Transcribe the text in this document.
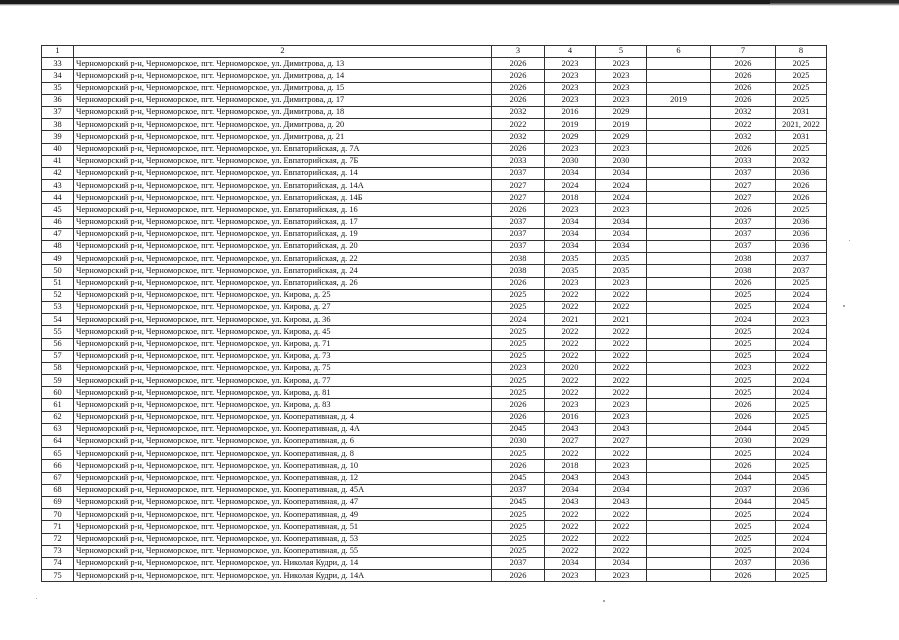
1	2	3	4	5	6	7	8
33	Черноморский р-н, Черноморское, пгт. Черноморское, ул. Димитрова, д. 13	2026	2023	2023		2026	2025
34	Черноморский р-н, Черноморское, пгт. Черноморское, ул. Димитрова, д. 14	2026	2023	2023		2026	2025
35	Черноморский р-н, Черноморское, пгт. Черноморское, ул. Димитрова, д. 15	2026	2023	2023		2026	2025
36	Черноморский р-н, Черноморское, пгт. Черноморское, ул. Димитрова, д. 17	2026	2023	2023	2019	2026	2025
37	Черноморский р-н, Черноморское, пгт. Черноморское, ул. Димитрова, д. 18	2032	2016	2029		2032	2031
38	Черноморский р-н, Черноморское, пгт. Черноморское, ул. Димитрова, д. 20	2022	2019	2019		2022	2021, 2022
39	Черноморский р-н, Черноморское, пгт. Черноморское, ул. Димитрова, д. 21	2032	2029	2029		2032	2031
40	Черноморский р-н, Черноморское, пгт. Черноморское, ул. Евпаторийская, д. 7А	2026	2023	2023		2026	2025
41	Черноморский р-н, Черноморское, пгт. Черноморское, ул. Евпаторийская, д. 7Б	2033	2030	2030		2033	2032
42	Черноморский р-н, Черноморское, пгт. Черноморское, ул. Евпаторийская, д. 14	2037	2034	2034		2037	2036
43	Черноморский р-н, Черноморское, пгт. Черноморское, ул. Евпаторийская, д. 14А	2027	2024	2024		2027	2026
44	Черноморский р-н, Черноморское, пгт. Черноморское, ул. Евпаторийская, д. 14Б	2027	2018	2024		2027	2026
45	Черноморский р-н, Черноморское, пгт. Черноморское, ул. Евпаторийская, д. 16	2026	2023	2023		2026	2025
46	Черноморский р-н, Черноморское, пгт. Черноморское, ул. Евпаторийская, д. 17	2037	2034	2034		2037	2036
47	Черноморский р-н, Черноморское, пгт. Черноморское, ул. Евпаторийская, д. 19	2037	2034	2034		2037	2036
48	Черноморский р-н, Черноморское, пгт. Черноморское, ул. Евпаторийская, д. 20	2037	2034	2034		2037	2036
49	Черноморский р-н, Черноморское, пгт. Черноморское, ул. Евпаторийская, д. 22	2038	2035	2035		2038	2037
50	Черноморский р-н, Черноморское, пгт. Черноморское, ул. Евпаторийская, д. 24	2038	2035	2035		2038	2037
51	Черноморский р-н, Черноморское, пгт. Черноморское, ул. Евпаторийская, д. 26	2026	2023	2023		2026	2025
52	Черноморский р-н, Черноморское, пгт. Черноморское, ул. Кирова, д. 25	2025	2022	2022		2025	2024
53	Черноморский р-н, Черноморское, пгт. Черноморское, ул. Кирова, д. 27	2025	2022	2022		2025	2024
54	Черноморский р-н, Черноморское, пгт. Черноморское, ул. Кирова, д. 36	2024	2021	2021		2024	2023
55	Черноморский р-н, Черноморское, пгт. Черноморское, ул. Кирова, д. 45	2025	2022	2022		2025	2024
56	Черноморский р-н, Черноморское, пгт. Черноморское, ул. Кирова, д. 71	2025	2022	2022		2025	2024
57	Черноморский р-н, Черноморское, пгт. Черноморское, ул. Кирова, д. 73	2025	2022	2022		2025	2024
58	Черноморский р-н, Черноморское, пгт. Черноморское, ул. Кирова, д. 75	2023	2020	2022		2023	2022
59	Черноморский р-н, Черноморское, пгт. Черноморское, ул. Кирова, д. 77	2025	2022	2022		2025	2024
60	Черноморский р-н, Черноморское, пгт. Черноморское, ул. Кирова, д. 81	2025	2022	2022		2025	2024
61	Черноморский р-н, Черноморское, пгт. Черноморское, ул. Кирова, д. 83	2026	2023	2023		2026	2025
62	Черноморский р-н, Черноморское, пгт. Черноморское, ул. Кооперативная, д. 4	2026	2016	2023		2026	2025
63	Черноморский р-н, Черноморское, пгт. Черноморское, ул. Кооперативная, д. 4А	2045	2043	2043		2044	2045
64	Черноморский р-н, Черноморское, пгт. Черноморское, ул. Кооперативная, д. 6	2030	2027	2027		2030	2029
65	Черноморский р-н, Черноморское, пгт. Черноморское, ул. Кооперативная, д. 8	2025	2022	2022		2025	2024
66	Черноморский р-н, Черноморское, пгт. Черноморское, ул. Кооперативная, д. 10	2026	2018	2023		2026	2025
67	Черноморский р-н, Черноморское, пгт. Черноморское, ул. Кооперативная, д. 12	2045	2043	2043		2044	2045
68	Черноморский р-н, Черноморское, пгт. Черноморское, ул. Кооперативная, д. 45А	2037	2034	2034		2037	2036
69	Черноморский р-н, Черноморское, пгт. Черноморское, ул. Кооперативная, д. 47	2045	2043	2043		2044	2045
70	Черноморский р-н, Черноморское, пгт. Черноморское, ул. Кооперативная, д. 49	2025	2022	2022		2025	2024
71	Черноморский р-н, Черноморское, пгт. Черноморское, ул. Кооперативная, д. 51	2025	2022	2022		2025	2024
72	Черноморский р-н, Черноморское, пгт. Черноморское, ул. Кооперативная, д. 53	2025	2022	2022		2025	2024
73	Черноморский р-н, Черноморское, пгт. Черноморское, ул. Кооперативная, д. 55	2025	2022	2022		2025	2024
74	Черноморский р-н, Черноморское, пгт. Черноморское, ул. Николая Кудри, д. 14	2037	2034	2034		2037	2036
75	Черноморский р-н, Черноморское, пгт. Черноморское, ул. Николая Кудри, д. 14А	2026	2023	2023		2026	2025
